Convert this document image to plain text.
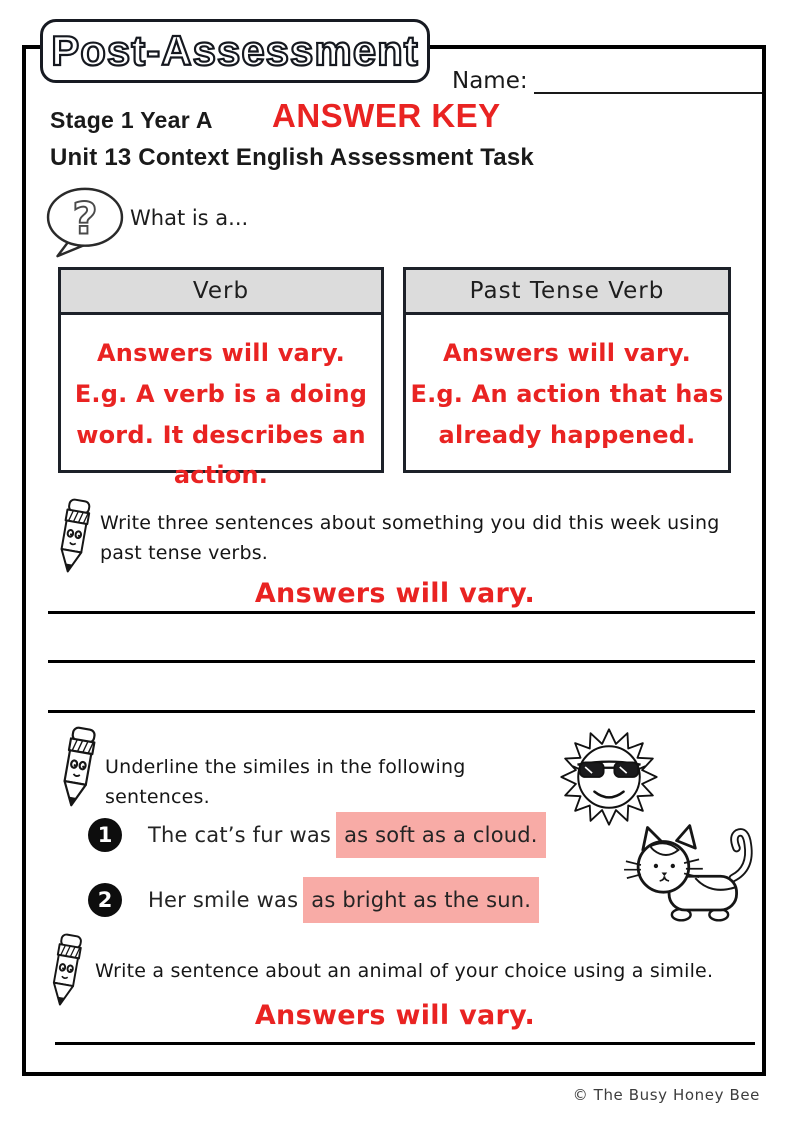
Post-Assessment
Name:
Stage 1 Year A ANSWER KEY
Unit 13 Context English Assessment Task
? What is a...
Verb
Answers will vary.
E.g. A verb is a doing
word. It describes an
action.
Past Tense Verb
Answers will vary.
E.g. An action that has
already happened.
Write three sentences about something you did this week using past tense verbs.
Answers will vary.
Underline the similes in the following sentences.
1	The cat’s fur was as soft as a cloud.
2	Her smile was as bright as the sun.
Write a sentence about an animal of your choice using a simile.
Answers will vary.
© The Busy Honey Bee
